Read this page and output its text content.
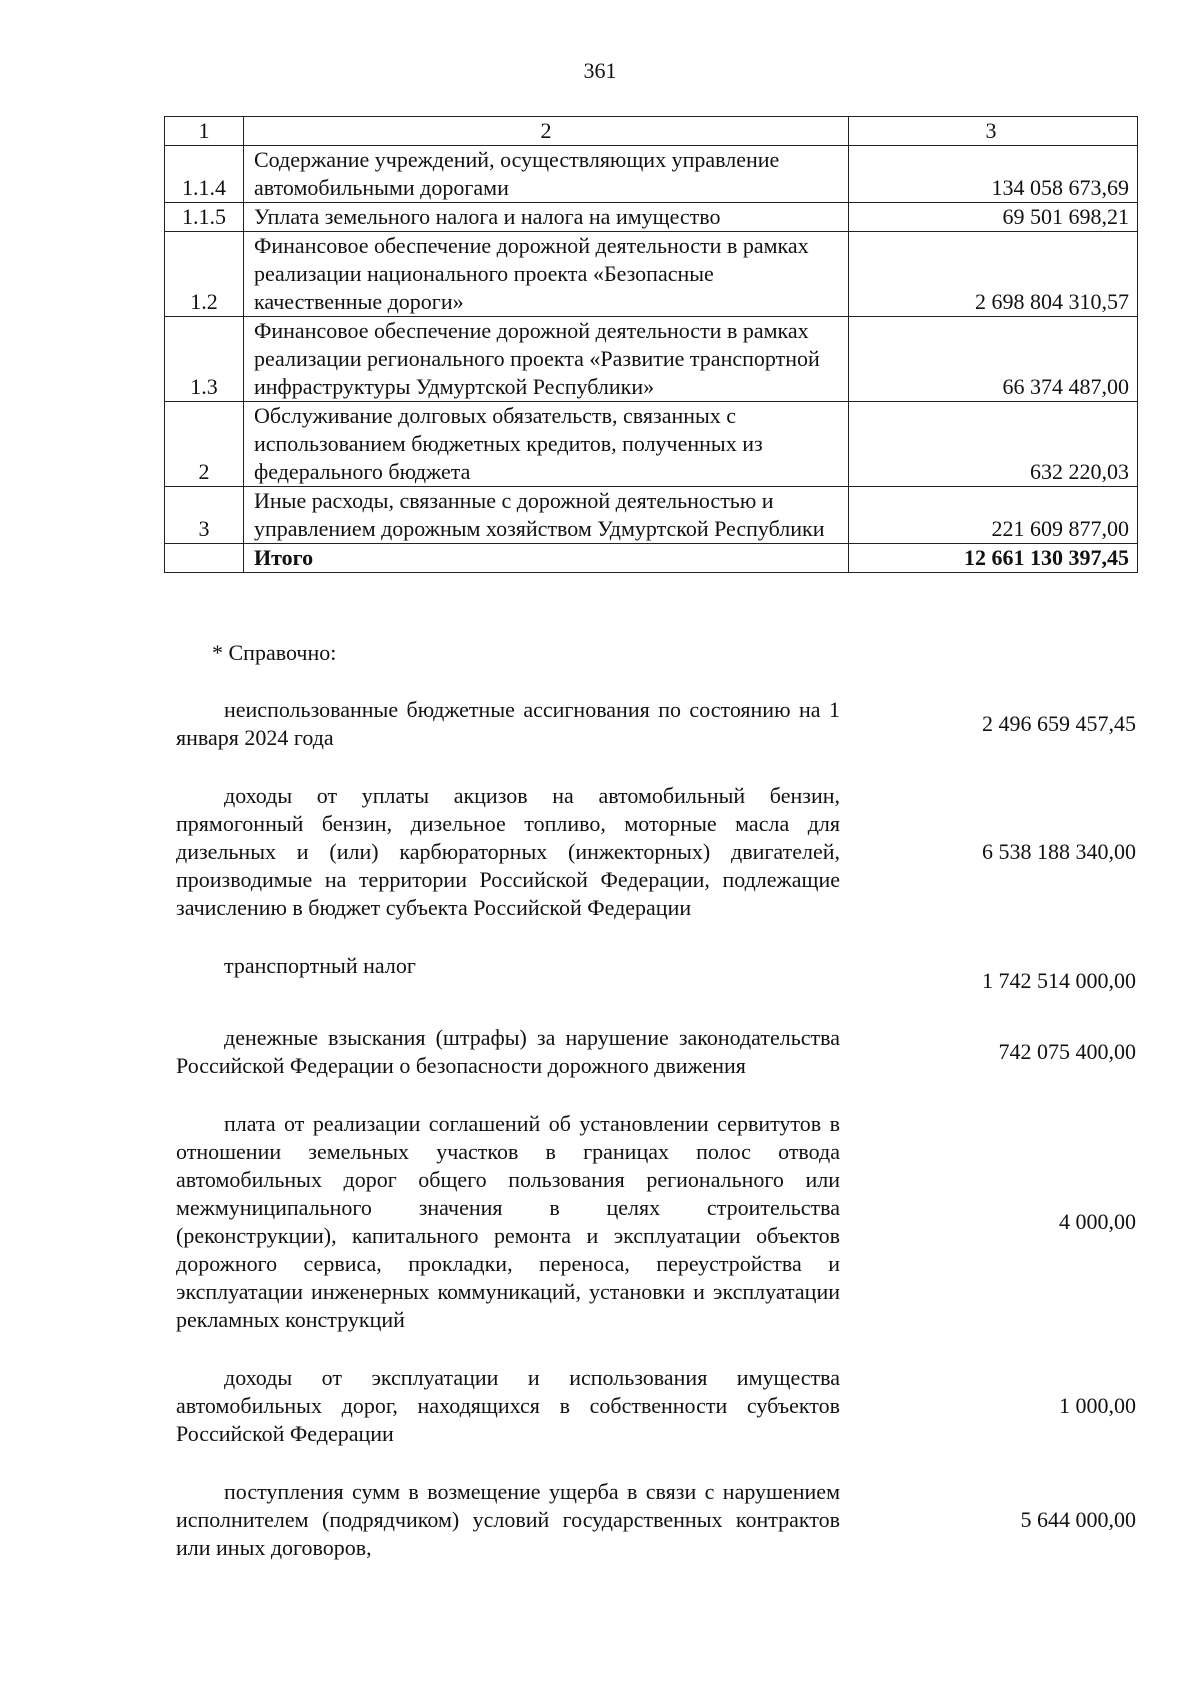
361
1	2	3
1.1.4	Содержание учреждений, осуществляющих управление автомобильными дорогами	134 058 673,69
1.1.5	Уплата земельного налога и налога на имущество	69 501 698,21
1.2	Финансовое обеспечение дорожной деятельности в рамках реализации национального проекта «Безопасные качественные дороги»	2 698 804 310,57
1.3	Финансовое обеспечение дорожной деятельности в рамках реализации регионального проекта «Развитие транспортной инфраструктуры Удмуртской Республики»	66 374 487,00
2	Обслуживание долговых обязательств, связанных с использованием бюджетных кредитов, полученных из федерального бюджета	632 220,03
3	Иные расходы, связанные с дорожной деятельностью и управлением дорожным хозяйством Удмуртской Республики	221 609 877,00
	Итого	12 661 130 397,45
* Справочно:
неиспользованные бюджетные ассигнования по состоянию на 1 января 2024 года
2 496 659 457,45
доходы от уплаты акцизов на автомобильный бензин, прямогонный бензин, дизельное топливо, моторные масла для дизельных и (или) карбюраторных (инжекторных) двигателей, производимые на территории Российской Федерации, подлежащие зачислению в бюджет субъекта Российской Федерации
6 538 188 340,00
транспортный налог
1 742 514 000,00
денежные взыскания (штрафы) за нарушение законодательства Российской Федерации о безопасности дорожного движения
742 075 400,00
плата от реализации соглашений об установлении сервитутов в отношении земельных участков в границах полос отвода автомобильных дорог общего пользования регионального или межмуниципального значения в целях строительства (реконструкции), капитального ремонта и эксплуатации объектов дорожного сервиса, прокладки, переноса, переустройства и эксплуатации инженерных коммуникаций, установки и эксплуатации рекламных конструкций
4 000,00
доходы от эксплуатации и использования имущества автомобильных дорог, находящихся в собственности субъектов Российской Федерации
1 000,00
поступления сумм в возмещение ущерба в связи с нарушением исполнителем (подрядчиком) условий государственных контрактов или иных договоров,
5 644 000,00
